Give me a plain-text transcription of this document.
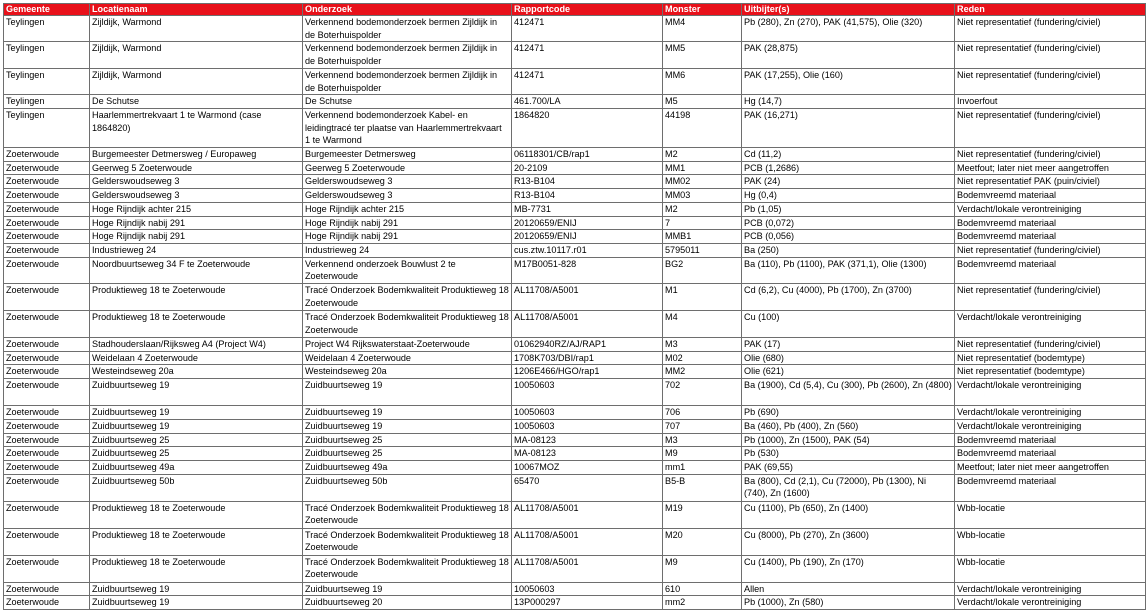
Gemeente	Locatienaam	Onderzoek	Rapportcode	Monster	Uitbijter(s)	Reden
Teylingen	Zijldijk, Warmond	Verkennend bodemonderzoek bermen Zijldijk in de Boterhuispolder	412471	MM4	Pb (280), Zn (270), PAK (41,575), Olie (320)	Niet representatief (fundering/civiel)
Teylingen	Zijldijk, Warmond	Verkennend bodemonderzoek bermen Zijldijk in de Boterhuispolder	412471	MM5	PAK (28,875)	Niet representatief (fundering/civiel)
Teylingen	Zijldijk, Warmond	Verkennend bodemonderzoek bermen Zijldijk in de Boterhuispolder	412471	MM6	PAK (17,255), Olie (160)	Niet representatief (fundering/civiel)
Teylingen	De Schutse	De Schutse	461.700/LA	M5	Hg (14,7)	Invoerfout
Teylingen	Haarlemmertrekvaart 1 te Warmond (case 1864820)	Verkennend bodemonderzoek Kabel- en leidingtracé ter plaatse van Haarlemmertrekvaart 1 te Warmond	1864820	44198	PAK (16,271)	Niet representatief (fundering/civiel)
Zoeterwoude	Burgemeester Detmersweg / Europaweg	Burgemeester Detmersweg	06118301/CB/rap1	M2	Cd (11,2)	Niet representatief (fundering/civiel)
Zoeterwoude	Geerweg 5 Zoeterwoude	Geerweg 5 Zoeterwoude	20-2109	MM1	PCB (1,2686)	Meetfout; later niet meer aangetroffen
Zoeterwoude	Gelderswoudseweg 3	Gelderswoudseweg 3	R13-B104	MM02	PAK (24)	Niet representatief PAK (puin/civiel)
Zoeterwoude	Gelderswoudseweg 3	Gelderswoudseweg 3	R13-B104	MM03	Hg (0,4)	Bodemvreemd materiaal
Zoeterwoude	Hoge Rijndijk achter 215	Hoge Rijndijk achter 215	MB-7731	M2	Pb (1,05)	Verdacht/lokale verontreiniging
Zoeterwoude	Hoge Rijndijk nabij 291	Hoge Rijndijk nabij 291	20120659/ENIJ	7	PCB (0,072)	Bodemvreemd materiaal
Zoeterwoude	Hoge Rijndijk nabij 291	Hoge Rijndijk nabij 291	20120659/ENIJ	MMB1	PCB (0,056)	Bodemvreemd materiaal
Zoeterwoude	Industrieweg 24	Industrieweg 24	cus.ztw.10117.r01	5795011	Ba (250)	Niet representatief (fundering/civiel)
Zoeterwoude	Noordbuurtseweg 34 F te Zoeterwoude	Verkennend onderzoek Bouwlust 2 te Zoeterwoude	M17B0051-828	BG2	Ba (110), Pb (1100), PAK (371,1), Olie (1300)	Bodemvreemd materiaal
Zoeterwoude	Produktieweg 18 te Zoeterwoude	Tracé Onderzoek Bodemkwaliteit Produktieweg 18 Zoeterwoude	AL11708/A5001	M1	Cd (6,2), Cu (4000), Pb (1700), Zn (3700)	Niet representatief (fundering/civiel)
Zoeterwoude	Produktieweg 18 te Zoeterwoude	Tracé Onderzoek Bodemkwaliteit Produktieweg 18 Zoeterwoude	AL11708/A5001	M4	Cu (100)	Verdacht/lokale verontreiniging
Zoeterwoude	Stadhouderslaan/Rijksweg A4 (Project W4)	Project W4 Rijkswaterstaat-Zoeterwoude	01062940RZ/AJ/RAP1	M3	PAK (17)	Niet representatief (fundering/civiel)
Zoeterwoude	Weidelaan 4 Zoeterwoude	Weidelaan 4 Zoeterwoude	1708K703/DBI/rap1	M02	Olie (680)	Niet representatief (bodemtype)
Zoeterwoude	Westeindseweg 20a	Westeindseweg 20a	1206E466/HGO/rap1	MM2	Olie (621)	Niet representatief (bodemtype)
Zoeterwoude	Zuidbuurtseweg 19	Zuidbuurtseweg 19	10050603	702	Ba (1900), Cd (5,4), Cu (300), Pb (2600), Zn (4800)	Verdacht/lokale verontreiniging
Zoeterwoude	Zuidbuurtseweg 19	Zuidbuurtseweg 19	10050603	706	Pb (690)	Verdacht/lokale verontreiniging
Zoeterwoude	Zuidbuurtseweg 19	Zuidbuurtseweg 19	10050603	707	Ba (460), Pb (400), Zn (560)	Verdacht/lokale verontreiniging
Zoeterwoude	Zuidbuurtseweg 25	Zuidbuurtseweg 25	MA-08123	M3	Pb (1000), Zn (1500), PAK (54)	Bodemvreemd materiaal
Zoeterwoude	Zuidbuurtseweg 25	Zuidbuurtseweg 25	MA-08123	M9	Pb (530)	Bodemvreemd materiaal
Zoeterwoude	Zuidbuurtseweg 49a	Zuidbuurtseweg 49a	10067MOZ	mm1	PAK (69,55)	Meetfout; later niet meer aangetroffen
Zoeterwoude	Zuidbuurtseweg 50b	Zuidbuurtseweg 50b	65470	B5-B	Ba (800), Cd (2,1), Cu (72000), Pb (1300), Ni (740), Zn (1600)	Bodemvreemd materiaal
Zoeterwoude	Produktieweg 18 te Zoeterwoude	Tracé Onderzoek Bodemkwaliteit Produktieweg 18 Zoeterwoude	AL11708/A5001	M19	Cu (1100), Pb (650), Zn (1400)	Wbb-locatie
Zoeterwoude	Produktieweg 18 te Zoeterwoude	Tracé Onderzoek Bodemkwaliteit Produktieweg 18 Zoeterwoude	AL11708/A5001	M20	Cu (8000), Pb (270), Zn (3600)	Wbb-locatie
Zoeterwoude	Produktieweg 18 te Zoeterwoude	Tracé Onderzoek Bodemkwaliteit Produktieweg 18 Zoeterwoude	AL11708/A5001	M9	Cu (1400), Pb (190), Zn (170)	Wbb-locatie
Zoeterwoude	Zuidbuurtseweg 19	Zuidbuurtseweg 19	10050603	610	Allen	Verdacht/lokale verontreiniging
Zoeterwoude	Zuidbuurtseweg 19	Zuidbuurtseweg 20	13P000297	mm2	Pb (1000), Zn (580)	Verdacht/lokale verontreiniging
